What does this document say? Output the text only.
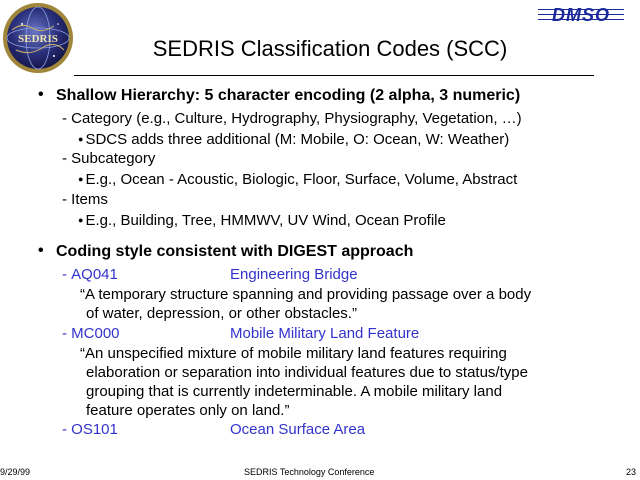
SEDRIS
DMSO
SEDRIS Classification Codes (SCC)
• Shallow Hierarchy: 5 character encoding (2 alpha, 3 numeric)
- Category (e.g., Culture, Hydrography, Physiography, Vegetation, …)
● SDCS adds three additional (M: Mobile, O: Ocean, W: Weather)
- Subcategory
● E.g., Ocean - Acoustic, Biologic, Floor, Surface, Volume, Abstract
- Items
● E.g., Building, Tree, HMMWV, UV Wind, Ocean Profile
• Coding style consistent with DIGEST approach
- AQ041	Engineering Bridge
“A temporary structure spanning and providing passage over a body
of water, depression, or other obstacles.”
- MC000	Mobile Military Land Feature
“An unspecified mixture of mobile military land features requiring
elaboration or separation into individual features due to status/type
grouping that is currently indeterminable. A mobile military land
feature operates only on land.”
- OS101	Ocean Surface Area
9/29/99	SEDRIS Technology Conference	23
